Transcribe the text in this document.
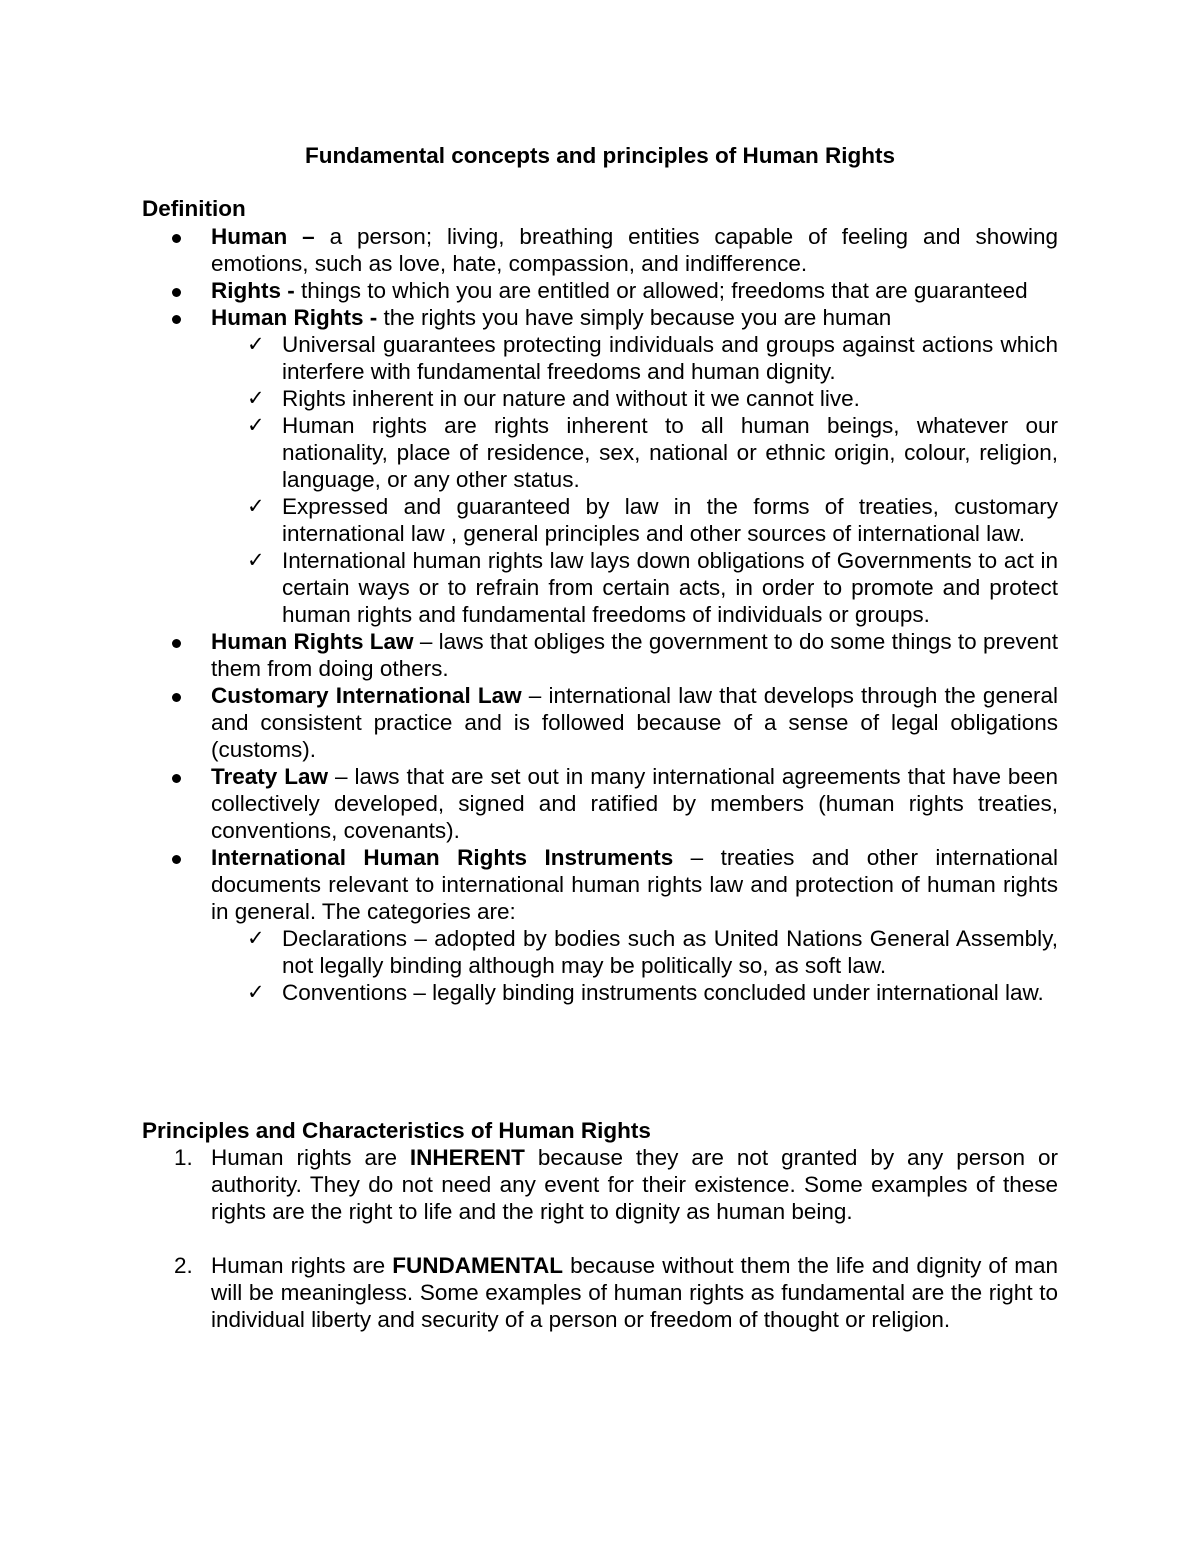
Fundamental concepts and principles of Human Rights
Definition

Human – a person; living, breathing entities capable of feeling and showing emotions, such as love, hate, compassion, and indifference.

Rights - things to which you are entitled or allowed; freedoms that are guaranteed

Human Rights - the rights you have simply because you are human

✓ Universal guarantees protecting individuals and groups against actions which interfere with fundamental freedoms and human dignity.

✓ Rights inherent in our nature and without it we cannot live.

✓ Human rights are rights inherent to all human beings, whatever our nationality, place of residence, sex, national or ethnic origin, colour, religion, language, or any other status.

✓ Expressed and guaranteed by law in the forms of treaties, customary international law , general principles and other sources of international law.

✓ International human rights law lays down obligations of Governments to act in certain ways or to refrain from certain acts, in order to promote and protect human rights and fundamental freedoms of individuals or groups.

Human Rights Law – laws that obliges the government to do some things to prevent them from doing others.

Customary International Law – international law that develops through the general and consistent practice and is followed because of a sense of legal obligations (customs).

Treaty Law – laws that are set out in many international agreements that have been collectively developed, signed and ratified by members (human rights treaties, conventions, covenants).

International Human Rights Instruments – treaties and other international documents relevant to international human rights law and protection of human rights in general. The categories are:

✓ Declarations – adopted by bodies such as United Nations General Assembly, not legally binding although may be politically so, as soft law.

✓ Conventions – legally binding instruments concluded under international law.

Principles and Characteristics of Human Rights
1. Human rights are INHERENT because they are not granted by any person or authority. They do not need any event for their existence. Some examples of these rights are the right to life and the right to dignity as human being.

2. Human rights are FUNDAMENTAL because without them the life and dignity of man will be meaningless. Some examples of human rights as fundamental are the right to individual liberty and security of a person or freedom of thought or religion.
